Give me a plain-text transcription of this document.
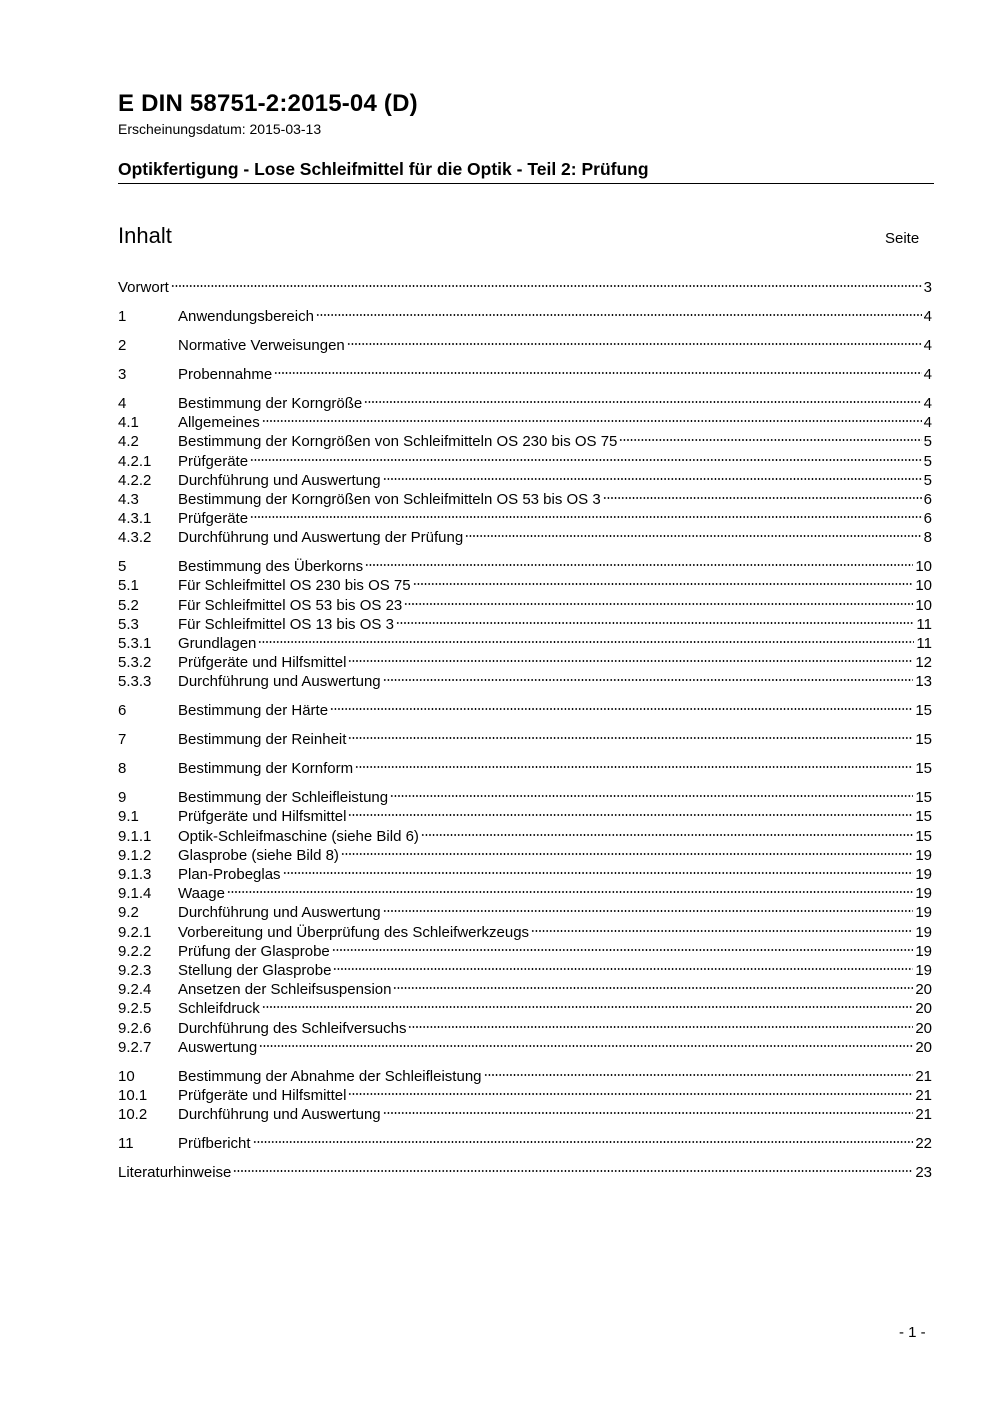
E DIN 58751-2:2015-04 (D)
Erscheinungsdatum: 2015-03-13
Optikfertigung - Lose Schleifmittel für die Optik - Teil 2: Prüfung
Inhalt	Seite
Vorwort	3
1	Anwendungsbereich	4
2	Normative Verweisungen	4
3	Probennahme	4
4	Bestimmung der Korngröße	4
4.1	Allgemeines	4
4.2	Bestimmung der Korngrößen von Schleifmitteln OS 230 bis OS 75	5
4.2.1	Prüfgeräte	5
4.2.2	Durchführung und Auswertung	5
4.3	Bestimmung der Korngrößen von Schleifmitteln OS 53 bis OS 3	6
4.3.1	Prüfgeräte	6
4.3.2	Durchführung und Auswertung der Prüfung	8
5	Bestimmung des Überkorns	10
5.1	Für Schleifmittel OS 230 bis OS 75	10
5.2	Für Schleifmittel OS 53 bis OS 23	10
5.3	Für Schleifmittel OS 13 bis OS 3	11
5.3.1	Grundlagen	11
5.3.2	Prüfgeräte und Hilfsmittel	12
5.3.3	Durchführung und Auswertung	13
6	Bestimmung der Härte	15
7	Bestimmung der Reinheit	15
8	Bestimmung der Kornform	15
9	Bestimmung der Schleifleistung	15
9.1	Prüfgeräte und Hilfsmittel	15
9.1.1	Optik-Schleifmaschine (siehe Bild 6)	15
9.1.2	Glasprobe (siehe Bild 8)	19
9.1.3	Plan-Probeglas	19
9.1.4	Waage	19
9.2	Durchführung und Auswertung	19
9.2.1	Vorbereitung und Überprüfung des Schleifwerkzeugs	19
9.2.2	Prüfung der Glasprobe	19
9.2.3	Stellung der Glasprobe	19
9.2.4	Ansetzen der Schleifsuspension	20
9.2.5	Schleifdruck	20
9.2.6	Durchführung des Schleifversuchs	20
9.2.7	Auswertung	20
10	Bestimmung der Abnahme der Schleifleistung	21
10.1	Prüfgeräte und Hilfsmittel	21
10.2	Durchführung und Auswertung	21
11	Prüfbericht	22
Literaturhinweise	23
- 1 -
